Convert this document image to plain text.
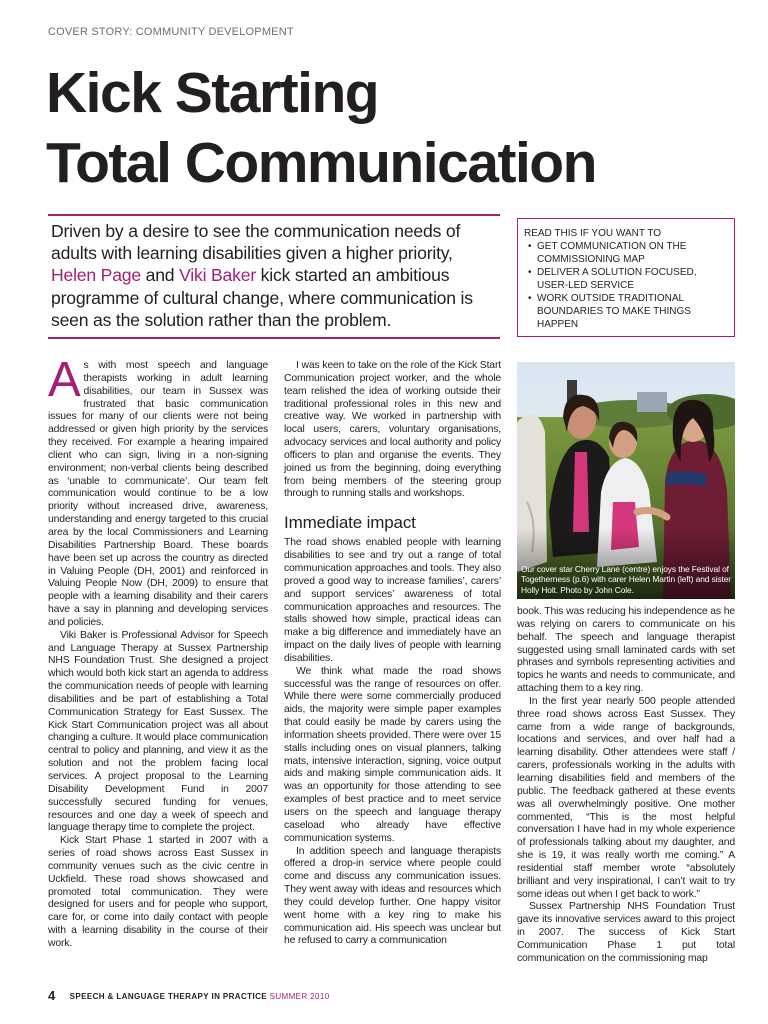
COVER STORY: COMMUNITY DEVELOPMENT
Kick Starting
Total Communication
Driven by a desire to see the communication needs of adults with learning disabilities given a higher priority, Helen Page and Viki Baker kick started an ambitious programme of cultural change, where communication is seen as the solution rather than the problem.
READ THIS IF YOU WANT TO
• GET COMMUNICATION ON THE COMMISSIONING MAP
• DELIVER A SOLUTION FOCUSED, USER-LED SERVICE
• WORK OUTSIDE TRADITIONAL BOUNDARIES TO MAKE THINGS HAPPEN

As with most speech and language therapists working in adult learning disabilities, our team in Sussex was frustrated that basic communication issues for many of our clients were not being addressed or given high priority by the services they received. For example a hearing impaired client who can sign, living in a non-signing environment; non-verbal clients being described as ‘unable to communicate’. Our team felt communication would continue to be a low priority without increased drive, awareness, understanding and energy targeted to this crucial area by the local Commissioners and Learning Disabilities Partnership Board. These boards have been set up across the country as directed in Valuing People (DH, 2001) and reinforced in Valuing People Now (DH, 2009) to ensure that people with a learning disability and their carers have a say in planning and developing services and policies.

Viki Baker is Professional Advisor for Speech and Language Therapy at Sussex Partnership NHS Foundation Trust. She designed a project which would both kick start an agenda to address the communication needs of people with learning disabilities and be part of establishing a Total Communication Strategy for East Sussex. The Kick Start Communication project was all about changing a culture. It would place communication central to policy and planning, and view it as the solution and not the problem facing local services. A project proposal to the Learning Disability Development Fund in 2007 successfully secured funding for venues, resources and one day a week of speech and language therapy time to complete the project.

Kick Start Phase 1 started in 2007 with a series of road shows across East Sussex in community venues such as the civic centre in Uckfield. These road shows showcased and promoted total communication. They were designed for users and for people who support, care for, or come into daily contact with people with a learning disability in the course of their work.

I was keen to take on the role of the Kick Start Communication project worker, and the whole team relished the idea of working outside their traditional professional roles in this new and creative way. We worked in partnership with local users, carers, voluntary organisations, advocacy services and local authority and policy officers to plan and organise the events. They joined us from the beginning, doing everything from being members of the steering group through to running stalls and workshops.

Immediate impact

The road shows enabled people with learning disabilities to see and try out a range of total communication approaches and tools. They also proved a good way to increase families’, carers’ and support services’ awareness of total communication approaches and resources. The stalls showed how simple, practical ideas can make a big difference and immediately have an impact on the daily lives of people with learning disabilities.

We think what made the road shows successful was the range of resources on offer. While there were some commercially produced aids, the majority were simple paper examples that could easily be made by carers using the information sheets provided. There were over 15 stalls including ones on visual planners, talking mats, intensive interaction, signing, voice output aids and making simple communication aids. It was an opportunity for those attending to see examples of best practice and to meet service users on the speech and language therapy caseload who already have effective communication systems.

In addition speech and language therapists offered a drop-in service where people could come and discuss any communication issues. They went away with ideas and resources which they could develop further. One happy visitor went home with a key ring to make his communication aid. His speech was unclear but he refused to carry a communication

Our cover star Cherry Lane (centre) enjoys the Festival of Togetherness (p.6) with carer Helen Martin (left) and sister Holly Holt. Photo by John Cole.

book. This was reducing his independence as he was relying on carers to communicate on his behalf. The speech and language therapist suggested using small laminated cards with set phrases and symbols representing activities and topics he wants and needs to communicate, and attaching them to a key ring.

In the first year nearly 500 people attended three road shows across East Sussex. They came from a wide range of backgrounds, locations and services, and over half had a learning disability. Other attendees were staff / carers, professionals working in the adults with learning disabilities field and members of the public. The feedback gathered at these events was all overwhelmingly positive. One mother commented, “This is the most helpful conversation I have had in my whole experience of professionals talking about my daughter, and she is 19, it was really worth me coming.” A residential staff member wrote “absolutely brilliant and very inspirational, I can’t wait to try some ideas out when I get back to work.”

Sussex Partnership NHS Foundation Trust gave its innovative services award to this project in 2007. The success of Kick Start Communication Phase 1 put total communication on the commissioning map

4 SPEECH & LANGUAGE THERAPY IN PRACTICE SUMMER 2010
